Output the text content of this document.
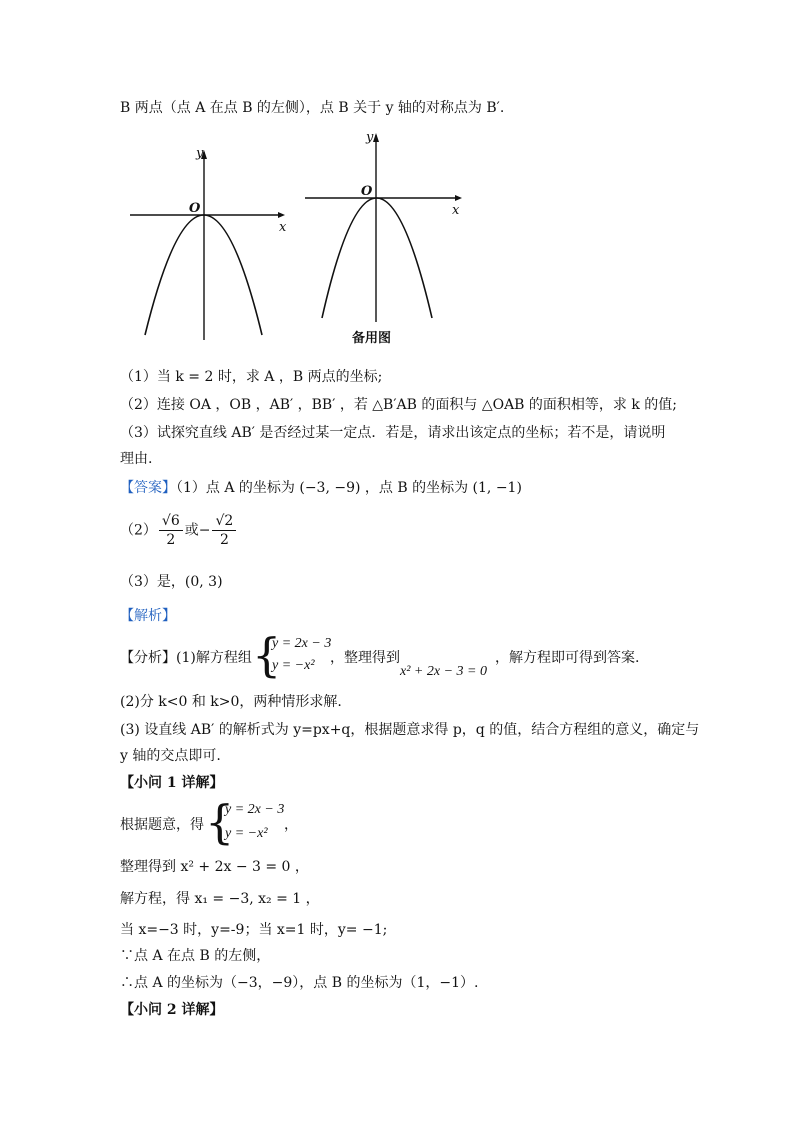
B 两点（点 A 在点 B 的左侧），点 B 关于 y 轴的对称点为 B′.
y
O
x
y
O
x
备用图
（1）当 k = 2 时，求 A ，B 两点的坐标;
（2）连接 OA ，OB ，AB′ ，BB′ ，若 △B′AB 的面积与 △OAB 的面积相等，求 k 的值;
（3）试探究直线 AB′ 是否经过某一定点．若是，请求出该定点的坐标；若不是，请说明
理由.
【答案】（1）点 A 的坐标为 (−3, −9) ，点 B 的坐标为 (1, −1)
$(2) \frac{√6}{2}$ 或− $\frac{√2}{2}$
（3）是，(0, 3)
【解析】
【分析】(1)解方程组 {
y = 2x − 3
y = −x² ，整理得到
x² + 2x − 3 = 0
，解方程即可得到答案.
(2)分 k<0 和 k>0，两种情形求解.
(3) 设直线 AB′ 的解析式为 y=px+q，根据题意求得 p，q 的值，结合方程组的意义，确定与
y 轴的交点即可.
【小问 1 详解】
根据题意，得 {
y = 2x − 3
y = −x²
，
整理得到 x² + 2x − 3 = 0 ，
解方程，得 x₁ = −3, x₂ = 1 ，
当 x=−3 时，y=-9；当 x=1 时，y= −1;
∵点 A 在点 B 的左侧，
∴点 A 的坐标为（−3，−9），点 B 的坐标为（1，−1）.
【小问 2 详解】
